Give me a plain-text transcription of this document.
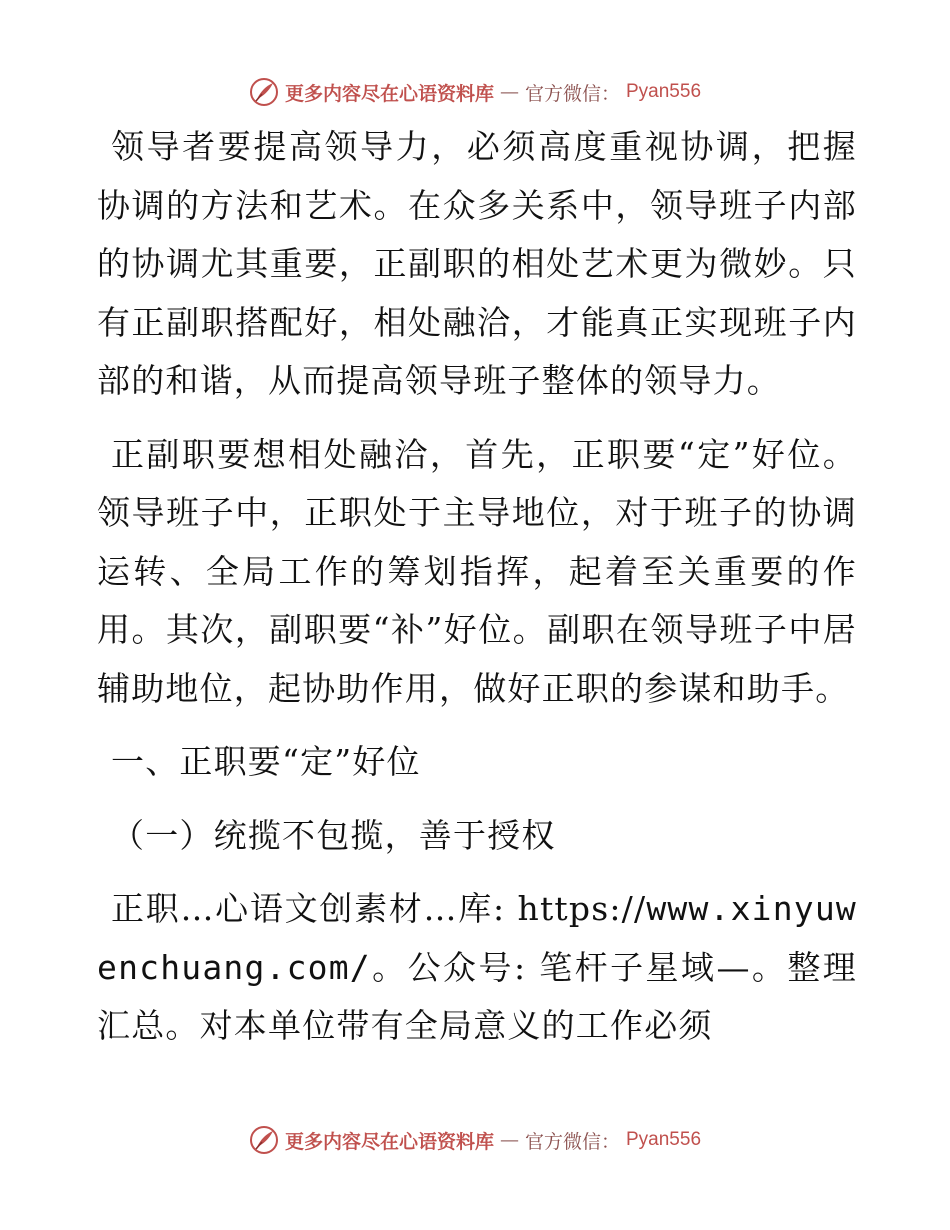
更多内容尽在心语资料库 — 官方微信： Pyan556

领导者要提高领导力，必须高度重视协调，把握协调的方法和艺术。在众多关系中，领导班子内部的协调尤其重要，正副职的相处艺术更为微妙。只有正副职搭配好，相处融洽，才能真正实现班子内部的和谐，从而提高领导班子整体的领导力。

正副职要想相处融洽，首先，正职要“定”好位。领导班子中，正职处于主导地位，对于班子的协调运转、全局工作的筹划指挥，起着至关重要的作用。其次，副职要“补”好位。副职在领导班子中居辅助地位，起协助作用，做好正职的参谋和助手。

一、正职要“定”好位

（一）统揽不包揽，善于授权

正职…心语文创素材…库: https://www.xinyuwenchuang.com/。公众号: 笔杆子星域—。整理汇总。对本单位带有全局意义的工作必须

更多内容尽在心语资料库 — 官方微信： Pyan556
